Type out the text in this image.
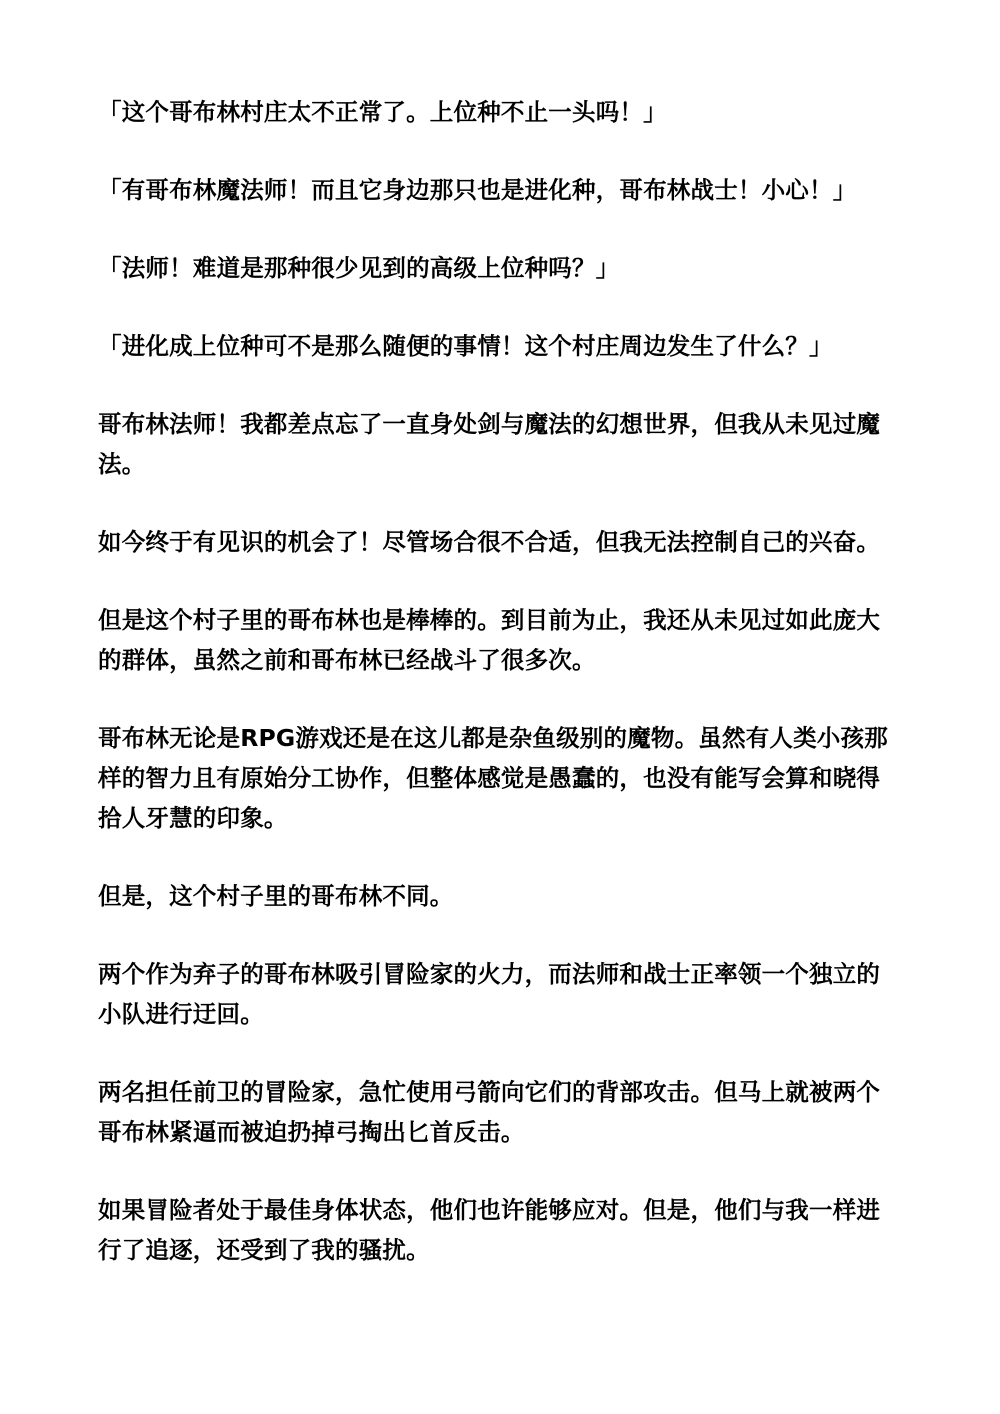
「这个哥布林村庄太不正常了。上位种不止一头吗！」

「有哥布林魔法师！而且它身边那只也是进化种，哥布林战士！小心！」

「法师！难道是那种很少见到的高级上位种吗？」

「进化成上位种可不是那么随便的事情！这个村庄周边发生了什么？」

哥布林法师！我都差点忘了一直身处剑与魔法的幻想世界，但我从未见过魔法。

如今终于有见识的机会了！尽管场合很不合适，但我无法控制自己的兴奋。

但是这个村子里的哥布林也是棒棒的。到目前为止，我还从未见过如此庞大的群体，虽然之前和哥布林已经战斗了很多次。

哥布林无论是RPG游戏还是在这儿都是杂鱼级别的魔物。虽然有人类小孩那样的智力且有原始分工协作，但整体感觉是愚蠢的，也没有能写会算和晓得拾人牙慧的印象。

但是，这个村子里的哥布林不同。

两个作为弃子的哥布林吸引冒险家的火力，而法师和战士正率领一个独立的小队进行迂回。

两名担任前卫的冒险家，急忙使用弓箭向它们的背部攻击。但马上就被两个哥布林紧逼而被迫扔掉弓掏出匕首反击。

如果冒险者处于最佳身体状态，他们也许能够应对。但是，他们与我一样进行了追逐，还受到了我的骚扰。
